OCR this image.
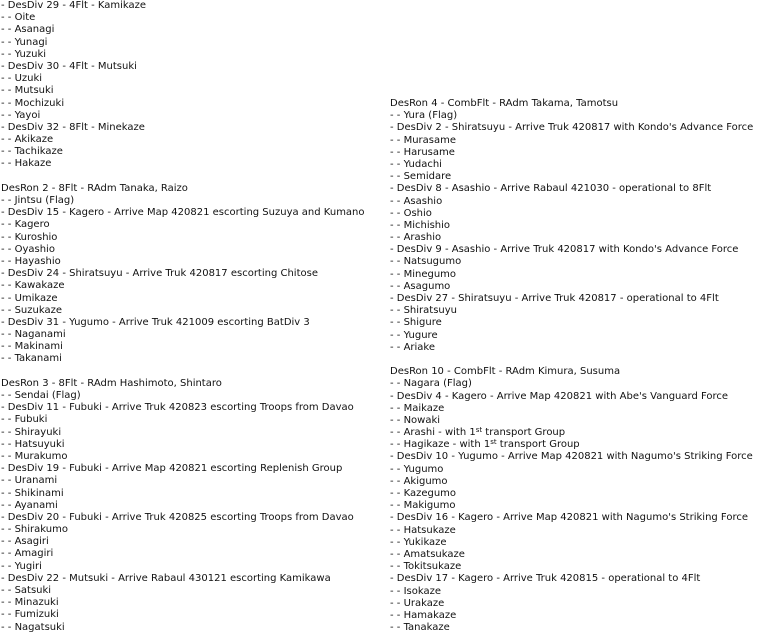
- DesDiv 29 - 4Flt - Kamikaze
- - Oite
- - Asanagi
- - Yunagi
- - Yuzuki
- DesDiv 30 - 4Flt - Mutsuki
- - Uzuki
- - Mutsuki
- - Mochizuki
- - Yayoi
- DesDiv 32 - 8Flt - Minekaze
- - Akikaze
- - Tachikaze
- - Hakaze
DesRon 2 - 8Flt - RAdm Tanaka, Raizo
- - Jintsu (Flag)
- DesDiv 15 - Kagero - Arrive Map 420821 escorting Suzuya and Kumano
- - Kagero
- - Kuroshio
- - Oyashio
- - Hayashio
- DesDiv 24 - Shiratsuyu - Arrive Truk 420817 escorting Chitose
- - Kawakaze
- - Umikaze
- - Suzukaze
- DesDiv 31 - Yugumo - Arrive Truk 421009 escorting BatDiv 3
- - Naganami
- - Makinami
- - Takanami
DesRon 3 - 8Flt - RAdm Hashimoto, Shintaro
- - Sendai (Flag)
- DesDiv 11 - Fubuki - Arrive Truk 420823 escorting Troops from Davao
- - Fubuki
- - Shirayuki
- - Hatsuyuki
- - Murakumo
- DesDiv 19 - Fubuki - Arrive Map 420821 escorting Replenish Group
- - Uranami
- - Shikinami
- - Ayanami
- DesDiv 20 - Fubuki - Arrive Truk 420825 escorting Troops from Davao
- - Shirakumo
- - Asagiri
- - Amagiri
- - Yugiri
- DesDiv 22 - Mutsuki - Arrive Rabaul 430121 escorting Kamikawa
- - Satsuki
- - Minazuki
- - Fumizuki
- - Nagatsuki
DesRon 4 - CombFlt - RAdm Takama, Tamotsu
- - Yura (Flag)
- DesDiv 2 - Shiratsuyu - Arrive Truk 420817 with Kondo's Advance Force
- - Murasame
- - Harusame
- - Yudachi
- - Semidare
- DesDiv 8 - Asashio - Arrive Rabaul 421030 - operational to 8Flt
- - Asashio
- - Oshio
- - Michishio
- - Arashio
- DesDiv 9 - Asashio - Arrive Truk 420817 with Kondo's Advance Force
- - Natsugumo
- - Minegumo
- - Asagumo
- DesDiv 27 - Shiratsuyu - Arrive Truk 420817 - operational to 4Flt
- - Shiratsuyu
- - Shigure
- - Yugure
- - Ariake
DesRon 10 - CombFlt - RAdm Kimura, Susuma
- - Nagara (Flag)
- DesDiv 4 - Kagero - Arrive Map 420821 with Abe's Vanguard Force
- - Maikaze
- - Nowaki
- - Arashi - with 1st transport Group
- - Hagikaze - with 1st transport Group
- DesDiv 10 - Yugumo - Arrive Map 420821 with Nagumo's Striking Force
- - Yugumo
- - Akigumo
- - Kazegumo
- - Makigumo
- DesDiv 16 - Kagero - Arrive Map 420821 with Nagumo's Striking Force
- - Hatsukaze
- - Yukikaze
- - Amatsukaze
- - Tokitsukaze
- DesDiv 17 - Kagero - Arrive Truk 420815 - operational to 4Flt
- - Isokaze
- - Urakaze
- - Hamakaze
- - Tanakaze
